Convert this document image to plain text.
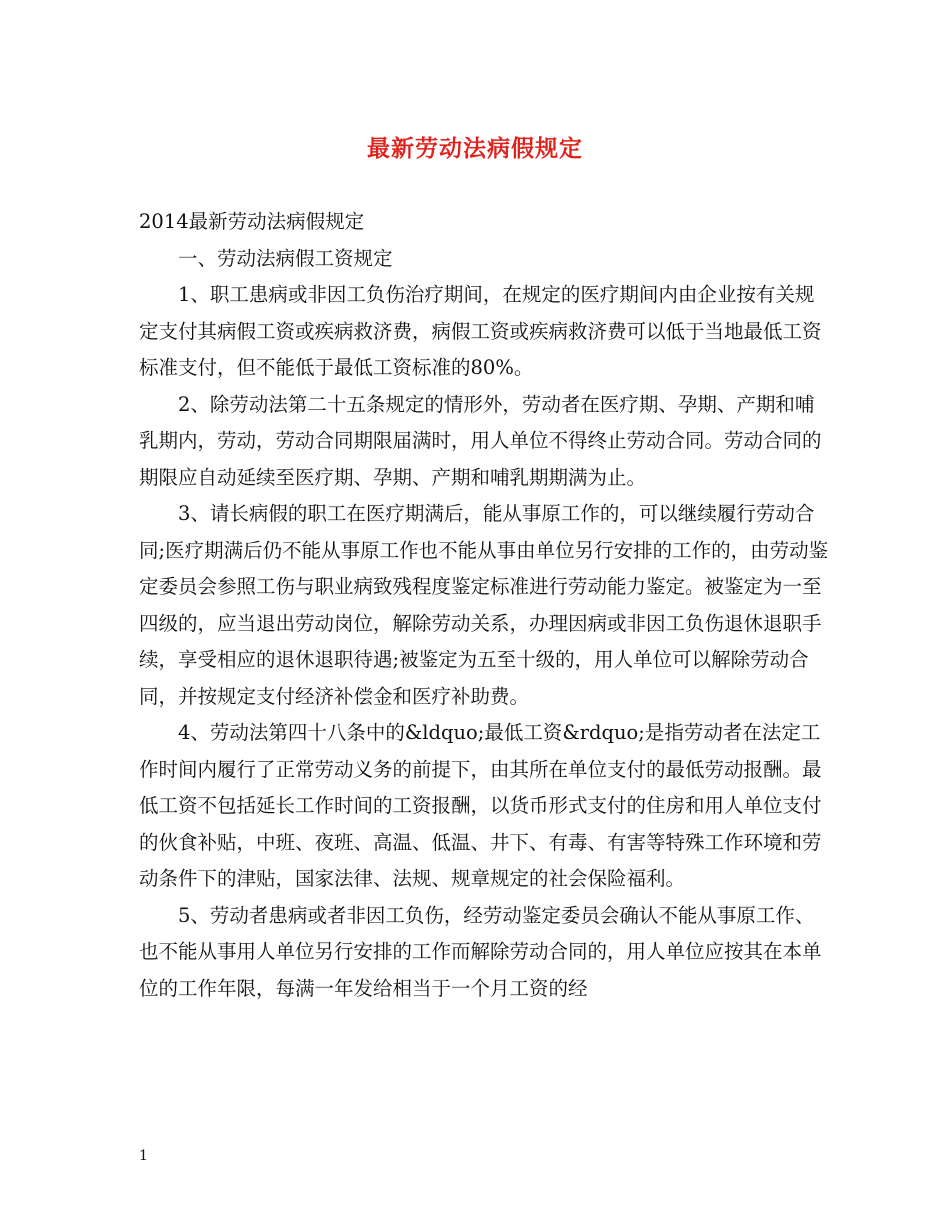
最新劳动法病假规定

2014最新劳动法病假规定

一、劳动法病假工资规定

1、职工患病或非因工负伤治疗期间，在规定的医疗期间内由企业按有关规定支付其病假工资或疾病救济费，病假工资或疾病救济费可以低于当地最低工资标准支付，但不能低于最低工资标准的80%。

2、除劳动法第二十五条规定的情形外，劳动者在医疗期、孕期、产期和哺乳期内，劳动，劳动合同期限届满时，用人单位不得终止劳动合同。劳动合同的期限应自动延续至医疗期、孕期、产期和哺乳期期满为止。

3、请长病假的职工在医疗期满后，能从事原工作的，可以继续履行劳动合同;医疗期满后仍不能从事原工作也不能从事由单位另行安排的工作的，由劳动鉴定委员会参照工伤与职业病致残程度鉴定标准进行劳动能力鉴定。被鉴定为一至四级的，应当退出劳动岗位，解除劳动关系，办理因病或非因工负伤退休退职手续，享受相应的退休退职待遇;被鉴定为五至十级的，用人单位可以解除劳动合同，并按规定支付经济补偿金和医疗补助费。

4、劳动法第四十八条中的&ldquo;最低工资&rdquo;是指劳动者在法定工作时间内履行了正常劳动义务的前提下，由其所在单位支付的最低劳动报酬。最低工资不包括延长工作时间的工资报酬，以货币形式支付的住房和用人单位支付的伙食补贴，中班、夜班、高温、低温、井下、有毒、有害等特殊工作环境和劳动条件下的津贴，国家法律、法规、规章规定的社会保险福利。

5、劳动者患病或者非因工负伤，经劳动鉴定委员会确认不能从事原工作、也不能从事用人单位另行安排的工作而解除劳动合同的，用人单位应按其在本单位的工作年限，每满一年发给相当于一个月工资的经

1
